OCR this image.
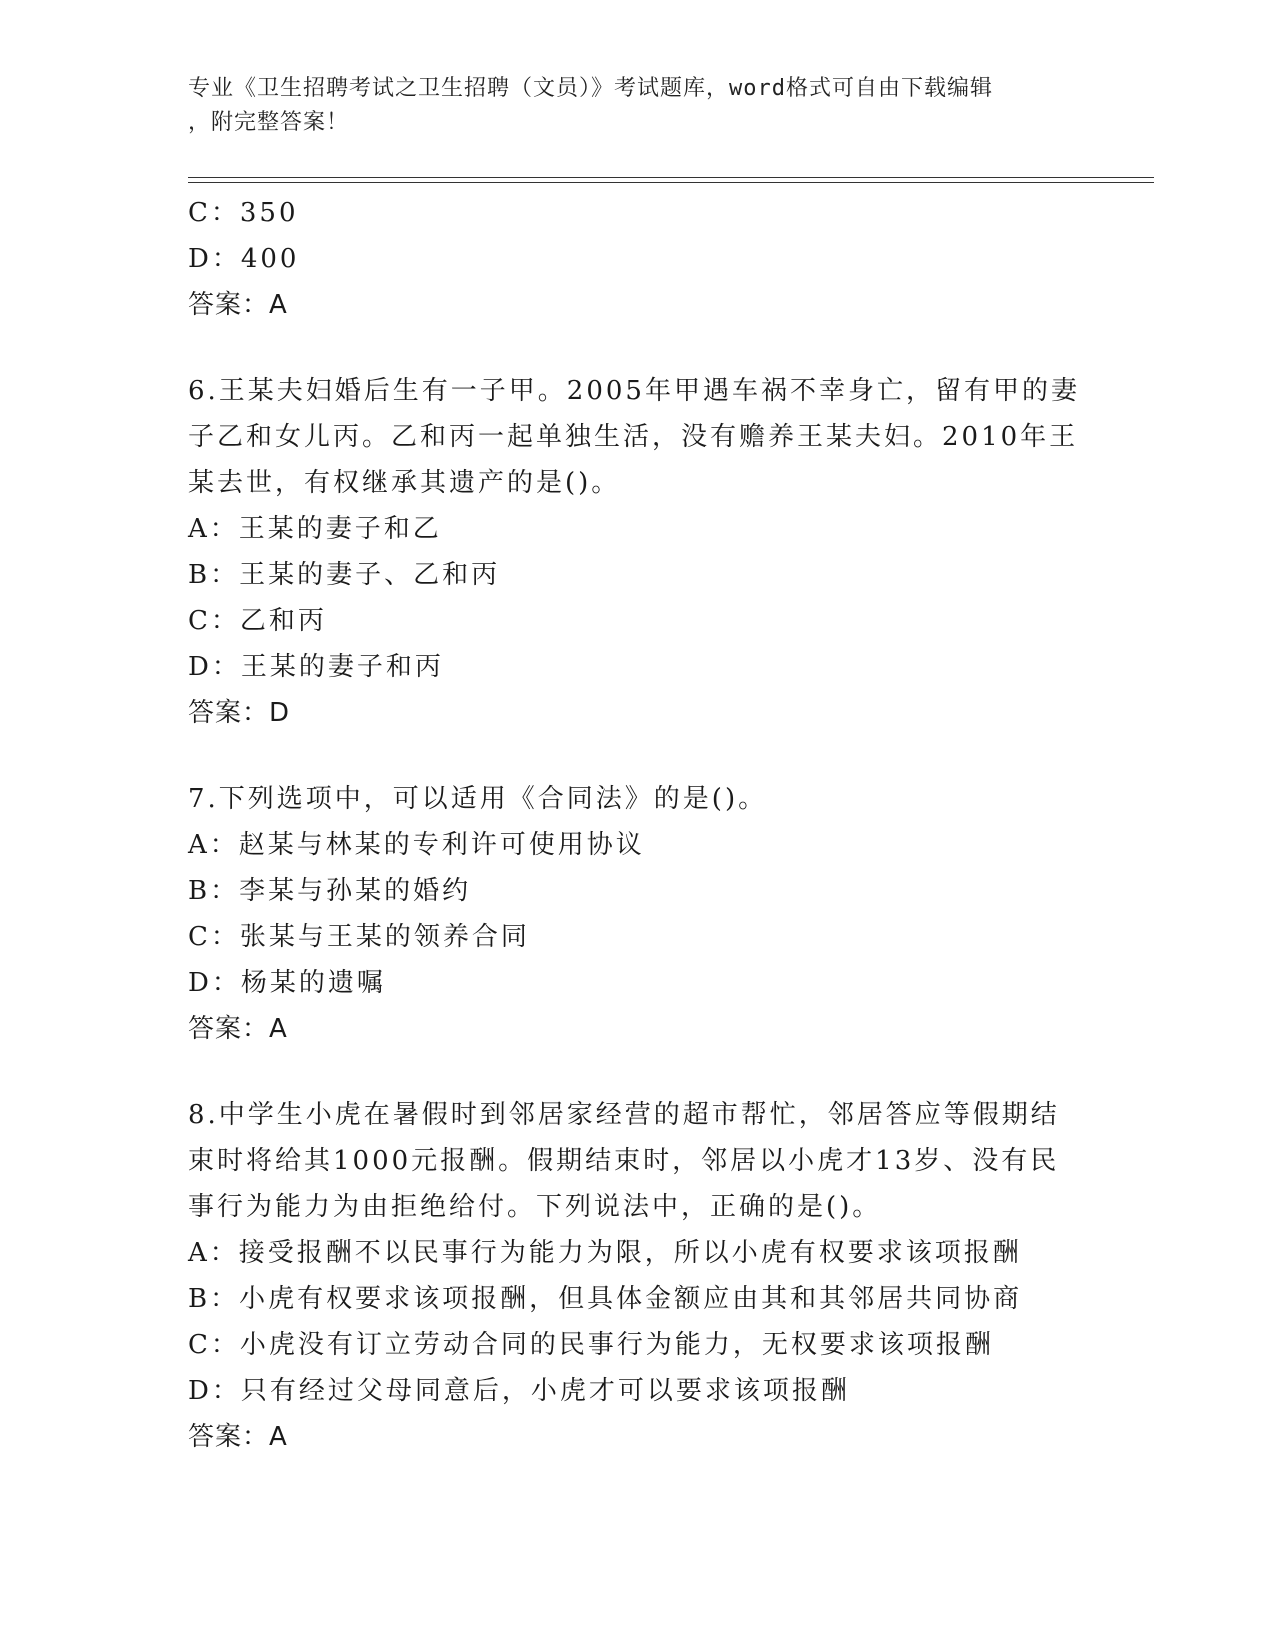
专业《卫生招聘考试之卫生招聘（文员）》考试题库，word格式可自由下载编辑
，附完整答案！

C：350

D：400

答案：A

6.王某夫妇婚后生有一子甲。2005年甲遇车祸不幸身亡，留有甲的妻

子乙和女儿丙。乙和丙一起单独生活，没有赡养王某夫妇。2010年王

某去世，有权继承其遗产的是()。

A：王某的妻子和乙

B：王某的妻子、乙和丙

C：乙和丙

D：王某的妻子和丙

答案：D

7.下列选项中，可以适用《合同法》的是()。

A：赵某与林某的专利许可使用协议

B：李某与孙某的婚约

C：张某与王某的领养合同

D：杨某的遗嘱

答案：A

8.中学生小虎在暑假时到邻居家经营的超市帮忙，邻居答应等假期结

束时将给其1000元报酬。假期结束时，邻居以小虎才13岁、没有民

事行为能力为由拒绝给付。下列说法中，正确的是()。

A：接受报酬不以民事行为能力为限，所以小虎有权要求该项报酬

B：小虎有权要求该项报酬，但具体金额应由其和其邻居共同协商

C：小虎没有订立劳动合同的民事行为能力，无权要求该项报酬

D：只有经过父母同意后，小虎才可以要求该项报酬

答案：A
